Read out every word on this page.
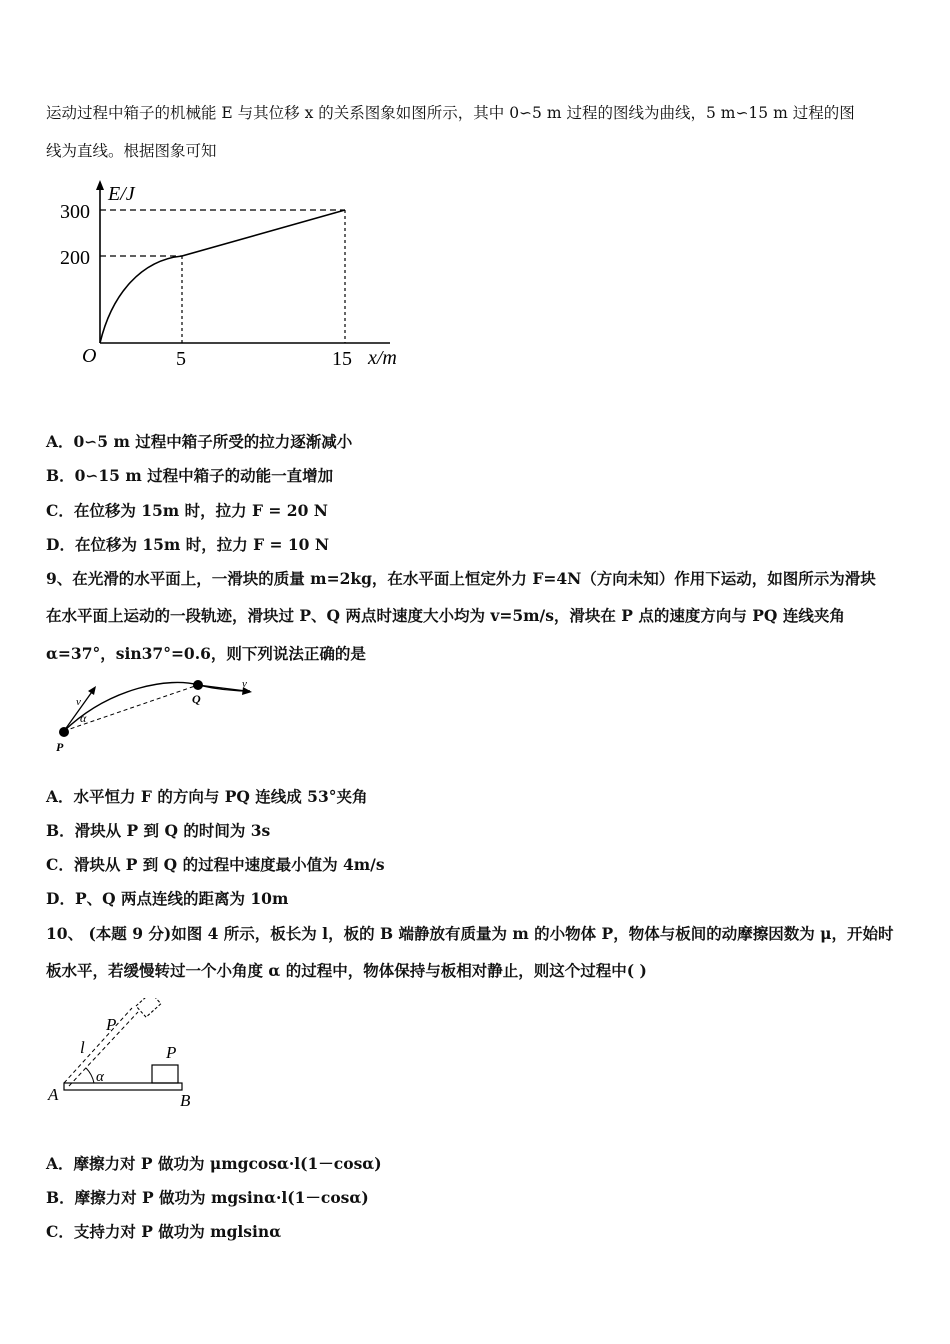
运动过程中箱子的机械能 E 与其位移 x 的关系图象如图所示，其中 0∽5 m 过程的图线为曲线，5 m∽15 m 过程的图
线为直线。根据图象可知
E/J
300
200
O	5	15 x/m
A．0∽5 m 过程中箱子所受的拉力逐渐减小
B．0∽15 m 过程中箱子的动能一直增加
C．在位移为 15m 时，拉力 F = 20 N
D．在位移为 15m 时，拉力 F = 10 N
9、在光滑的水平面上，一滑块的质量 m=2kg，在水平面上恒定外力 F=4N（方向未知）作用下运动，如图所示为滑块
在水平面上运动的一段轨迹，滑块过 P、Q 两点时速度大小均为 v=5m/s，滑块在 P 点的速度方向与 PQ 连线夹角
α=37°，sin37°=0.6，则下列说法正确的是
v
α
P
Q
v
A．水平恒力 F 的方向与 PQ 连线成 53°夹角
B．滑块从 P 到 Q 的时间为 3s
C．滑块从 P 到 Q 的过程中速度最小值为 4m/s
D．P、Q 两点连线的距离为 10m
10、 (本题 9 分)如图 4 所示，板长为 l，板的 B 端静放有质量为 m 的小物体 P，物体与板间的动摩擦因数为 μ，开始时
板水平，若缓慢转过一个小角度 α 的过程中，物体保持与板相对静止，则这个过程中( )
P
l
α
P
A	B
A．摩擦力对 P 做功为 μmgcosα·l(1－cosα)
B．摩擦力对 P 做功为 mgsinα·l(1－cosα)
C．支持力对 P 做功为 mglsinα
